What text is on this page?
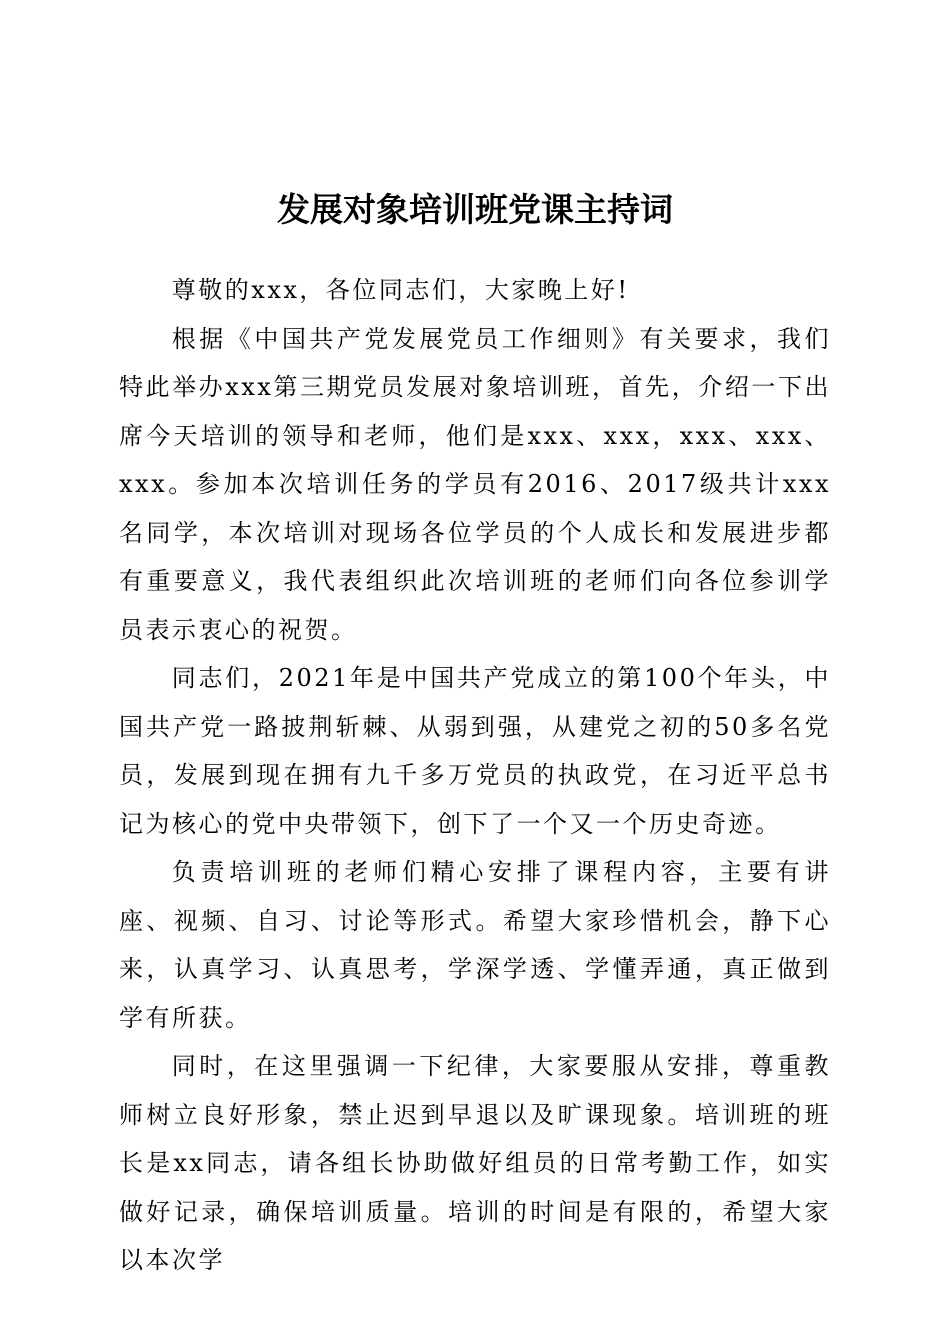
发展对象培训班党课主持词

尊敬的xxx，各位同志们，大家晚上好!

根据《中国共产党发展党员工作细则》有关要求，我们特此举办xxx第三期党员发展对象培训班，首先，介绍一下出席今天培训的领导和老师，他们是xxx、xxx，xxx、xxx、xxx。参加本次培训任务的学员有2016、2017级共计xxx名同学，本次培训对现场各位学员的个人成长和发展进步都有重要意义，我代表组织此次培训班的老师们向各位参训学员表示衷心的祝贺。

同志们，2021年是中国共产党成立的第100个年头，中国共产党一路披荆斩棘、从弱到强，从建党之初的50多名党员，发展到现在拥有九千多万党员的执政党，在习近平总书记为核心的党中央带领下，创下了一个又一个历史奇迹。

负责培训班的老师们精心安排了课程内容，主要有讲座、视频、自习、讨论等形式。希望大家珍惜机会，静下心来，认真学习、认真思考，学深学透、学懂弄通，真正做到学有所获。

同时，在这里强调一下纪律，大家要服从安排，尊重教师树立良好形象，禁止迟到早退以及旷课现象。培训班的班长是xx同志，请各组长协助做好组员的日常考勤工作，如实做好记录，确保培训质量。培训的时间是有限的，希望大家以本次学
